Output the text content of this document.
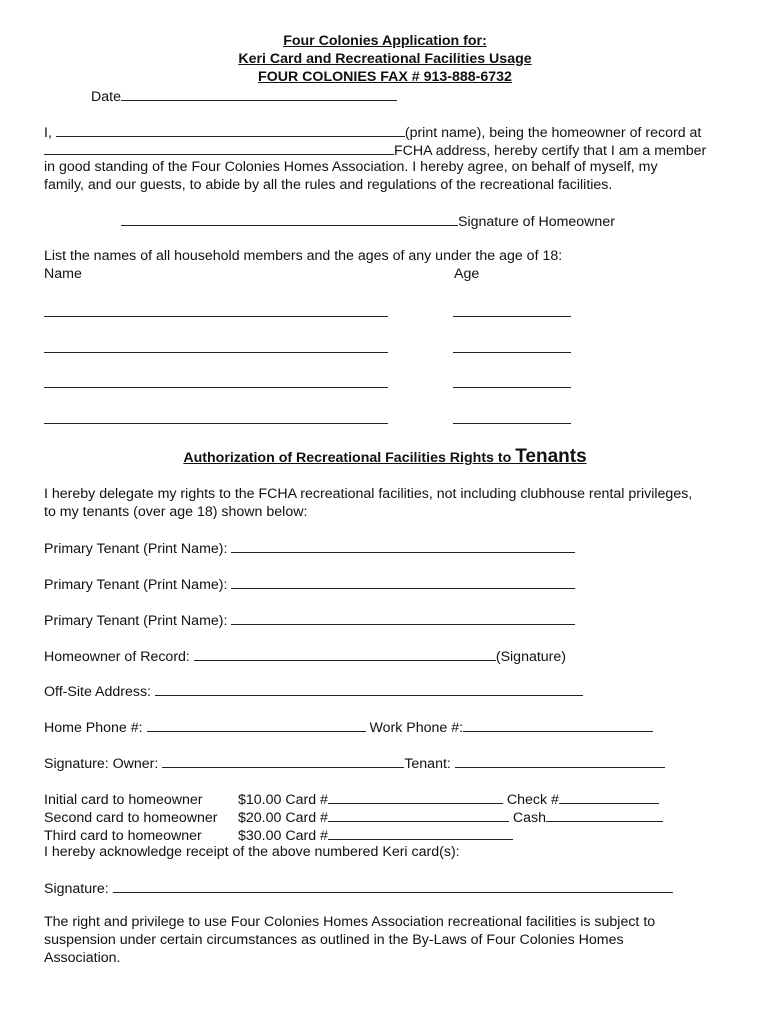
Four Colonies Application for:
Keri Card and Recreational Facilities Usage
FOUR COLONIES FAX # 913-888-6732
Date
I,	(print name), being the homeowner of record at
FCHA address, hereby certify that I am a member
in good standing of the Four Colonies Homes Association. I hereby agree, on behalf of myself, my
family, and our guests, to abide by all the rules and regulations of the recreational facilities.
Signature of Homeowner
List the names of all household members and the ages of any under the age of 18:
Name	Age
Authorization of Recreational Facilities Rights to Tenants
I hereby delegate my rights to the FCHA recreational facilities, not including clubhouse rental privileges,
to my tenants (over age 18) shown below:
Primary Tenant (Print Name):
Primary Tenant (Print Name):
Primary Tenant (Print Name):
Homeowner of Record:	(Signature)
Off-Site Address:
Home Phone #:	Work Phone #:
Signature: Owner:	Tenant:
Initial card to homeowner $10.00 Card #	Check #
Second card to homeowner $20.00 Card #	Cash
Third card to homeowner	$30.00 Card #
I hereby acknowledge receipt of the above numbered Keri card(s):
Signature:
The right and privilege to use Four Colonies Homes Association recreational facilities is subject to
suspension under certain circumstances as outlined in the By-Laws of Four Colonies Homes
Association.
